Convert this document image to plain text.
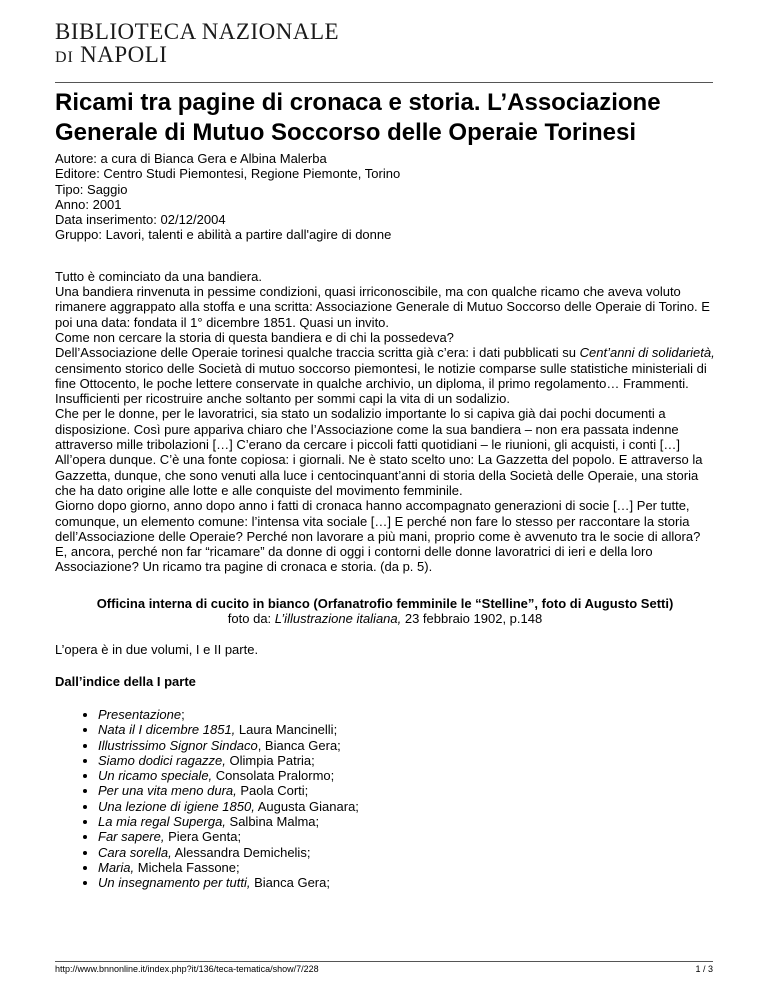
BIBLIOTECA NAZIONALE
DI NAPOLI
Ricami tra pagine di cronaca e storia. L’Associazione Generale di Mutuo Soccorso delle Operaie Torinesi
Autore: a cura di Bianca Gera e Albina Malerba
Editore: Centro Studi Piemontesi, Regione Piemonte, Torino
Tipo: Saggio
Anno: 2001
Data inserimento: 02/12/2004
Gruppo: Lavori, talenti e abilità a partire dall'agire di donne
Tutto è cominciato da una bandiera.
Una bandiera rinvenuta in pessime condizioni, quasi irriconoscibile, ma con qualche ricamo che aveva voluto rimanere aggrappato alla stoffa e una scritta: Associazione Generale di Mutuo Soccorso delle Operaie di Torino. E poi una data: fondata il 1° dicembre 1851. Quasi un invito.
Come non cercare la storia di questa bandiera e di chi la possedeva?
Dell’Associazione delle Operaie torinesi qualche traccia scritta già c’era: i dati pubblicati su Cent’anni di solidarietà, censimento storico delle Società di mutuo soccorso piemontesi, le notizie comparse sulle statistiche ministeriali di fine Ottocento, le poche lettere conservate in qualche archivio, un diploma, il primo regolamento… Frammenti. Insufficienti per ricostruire anche soltanto per sommi capi la vita di un sodalizio.
Che per le donne, per le lavoratrici, sia stato un sodalizio importante lo si capiva già dai pochi documenti a disposizione. Così pure appariva chiaro che l’Associazione come la sua bandiera – non era passata indenne attraverso mille tribolazioni […] C’erano da cercare i piccoli fatti quotidiani – le riunioni, gli acquisti, i conti […]
All’opera dunque. C’è una fonte copiosa: i giornali. Ne è stato scelto uno: La Gazzetta del popolo. E attraverso la Gazzetta, dunque, che sono venuti alla luce i centocinquant’anni di storia della Società delle Operaie, una storia che ha dato origine alle lotte e alle conquiste del movimento femminile.
Giorno dopo giorno, anno dopo anno i fatti di cronaca hanno accompagnato generazioni di socie […] Per tutte, comunque, un elemento comune: l’intensa vita sociale […] E perché non fare lo stesso per raccontare la storia dell’Associazione delle Operaie? Perché non lavorare a più mani, proprio come è avvenuto tra le socie di allora? E, ancora, perché non far “ricamare” da donne di oggi i contorni delle donne lavoratrici di ieri e della loro Associazione? Un ricamo tra pagine di cronaca e storia. (da p. 5).
Officina interna di cucito in bianco (Orfanatrofio femminile le “Stelline”, foto di Augusto Setti)
foto da: L’illustrazione italiana, 23 febbraio 1902, p.148

L’opera è in due volumi, I e II parte.

Dall’indice della I parte

• Presentazione;
• Nata il I dicembre 1851, Laura Mancinelli;
• Illustrissimo Signor Sindaco, Bianca Gera;
• Siamo dodici ragazze, Olimpia Patria;
• Un ricamo speciale, Consolata Pralormo;
• Per una vita meno dura, Paola Corti;
• Una lezione di igiene 1850, Augusta Gianara;
• La mia regal Superga, Salbina Malma;
• Far sapere, Piera Genta;
• Cara sorella, Alessandra Demichelis;
• Maria, Michela Fassone;
• Un insegnamento per tutti, Bianca Gera;
http://www.bnnonline.it/index.php?it/136/teca-tematica/show/7/228	1 / 3
